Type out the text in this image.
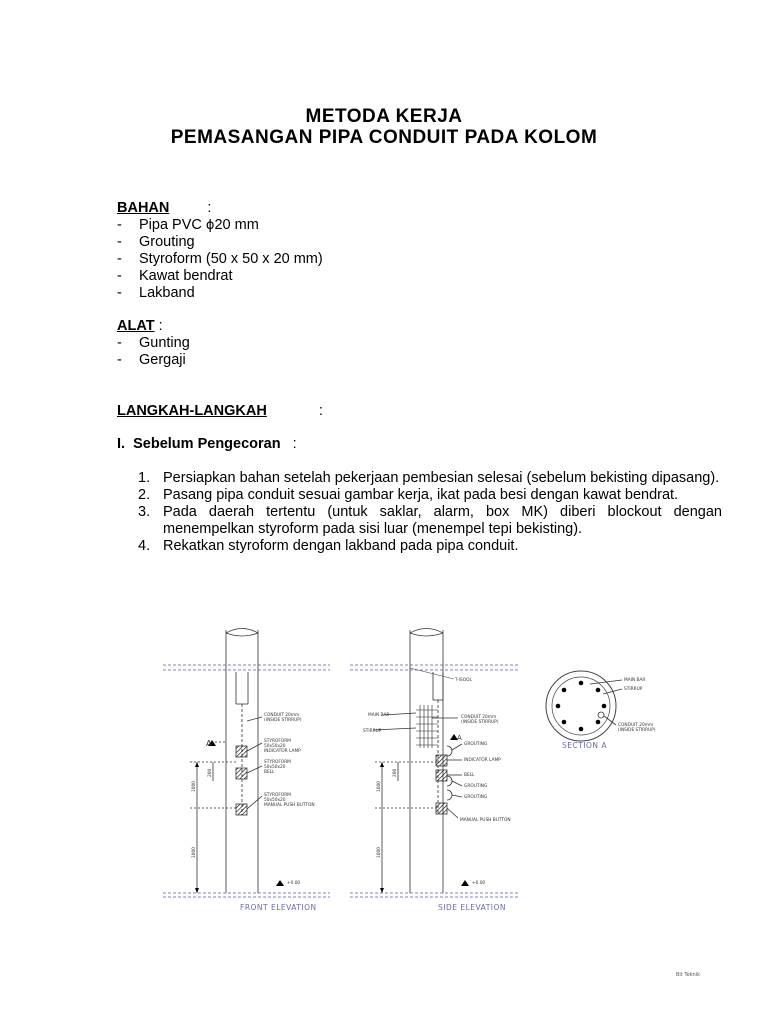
METODA KERJA
PEMASANGAN PIPA CONDUIT PADA KOLOM
BAHAN	:
- Pipa PVC ϕ20 mm
- Grouting
- Styroform (50 x 50 x 20 mm)
- Kawat bendrat
- Lakband
ALAT :
- Gunting
- Gergaji
LANGKAH-LANGKAH	:
I. Sebelum Pengecoran :
1. Persiapkan bahan setelah pekerjaan pembesian selesai (sebelum bekisting dipasang).
2. Pasang pipa conduit sesuai gambar kerja, ikat pada besi dengan kawat bendrat.
3. Pada daerah tertentu (untuk saklar, alarm, box MK) diberi blockout dengan menempelkan styroform pada sisi luar (menempel tepi bekisting).
4. Rekatkan styroform dengan lakband pada pipa conduit.
A
CONDUIT 20mm
(INSIDE STIRRUP)
STYROFORM
50x50x20
INDICATOR LAMP
STYROFORM
50x50x20
BELL
STYROFORM
50x50x20
MANUAL PUSH BUTTON
200
1000
1000
+0.00
FRONT ELEVATION
A
T-ISOOL
MAIN BAR
STIRRUP
CONDUIT 20mm
(INSIDE STIRRUP)
GROUTING
INDICATOR LAMP
BELL
GROUTING
GROUTING
MANUAL PUSH BUTTON
200
1000
1000
+0.00
SIDE ELEVATION
MAIN BAR
STIRRUP
CONDUIT 20mm
(INSIDE STIRRUP)
SECTION A
Bit Teknik
